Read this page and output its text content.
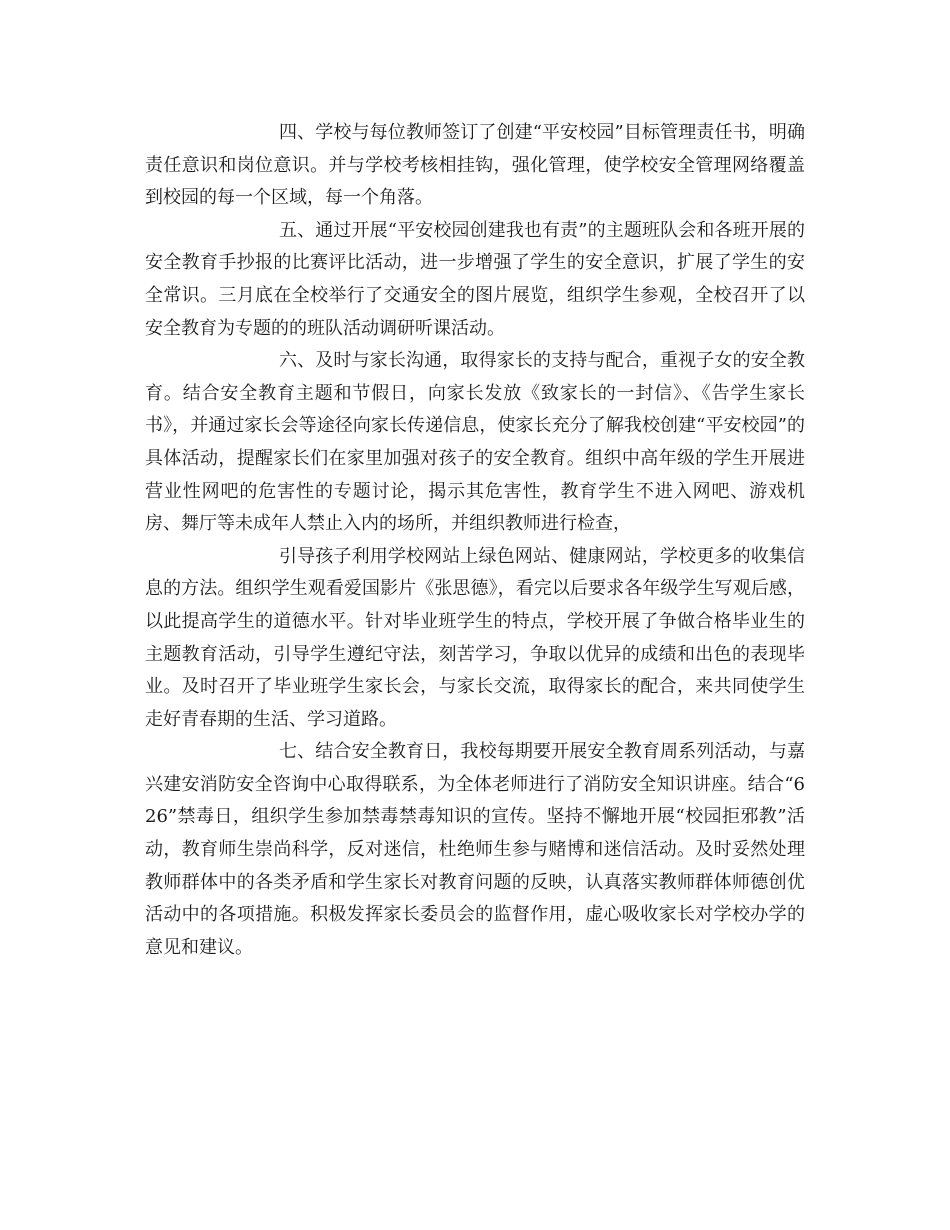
四、学校与每位教师签订了创建“平安校园”目标管理责任书，明确责任意识和岗位意识。并与学校考核相挂钩，强化管理，使学校安全管理网络覆盖到校园的每一个区域，每一个角落。

五、通过开展“平安校园创建我也有责”的主题班队会和各班开展的安全教育手抄报的比赛评比活动，进一步增强了学生的安全意识，扩展了学生的安全常识。三月底在全校举行了交通安全的图片展览，组织学生参观，全校召开了以安全教育为专题的的班队活动调研听课活动。

六、及时与家长沟通，取得家长的支持与配合，重视子女的安全教育。结合安全教育主题和节假日，向家长发放《致家长的一封信》、《告学生家长书》，并通过家长会等途径向家长传递信息，使家长充分了解我校创建“平安校园”的具体活动，提醒家长们在家里加强对孩子的安全教育。组织中高年级的学生开展进营业性网吧的危害性的专题讨论，揭示其危害性，教育学生不进入网吧、游戏机房、舞厅等未成年人禁止入内的场所，并组织教师进行检查，

引导孩子利用学校网站上绿色网站、健康网站，学校更多的收集信息的方法。组织学生观看爱国影片《张思德》，看完以后要求各年级学生写观后感，以此提高学生的道德水平。针对毕业班学生的特点，学校开展了争做合格毕业生的主题教育活动，引导学生遵纪守法，刻苦学习，争取以优异的成绩和出色的表现毕业。及时召开了毕业班学生家长会，与家长交流，取得家长的配合，来共同使学生走好青春期的生活、学习道路。

七、结合安全教育日，我校每期要开展安全教育周系列活动，与嘉兴建安消防安全咨询中心取得联系，为全体老师进行了消防安全知识讲座。结合“626”禁毒日，组织学生参加禁毒禁毒知识的宣传。坚持不懈地开展“校园拒邪教”活动，教育师生崇尚科学，反对迷信，杜绝师生参与赌博和迷信活动。及时妥然处理教师群体中的各类矛盾和学生家长对教育问题的反映，认真落实教师群体师德创优活动中的各项措施。积极发挥家长委员会的监督作用，虚心吸收家长对学校办学的意见和建议。
